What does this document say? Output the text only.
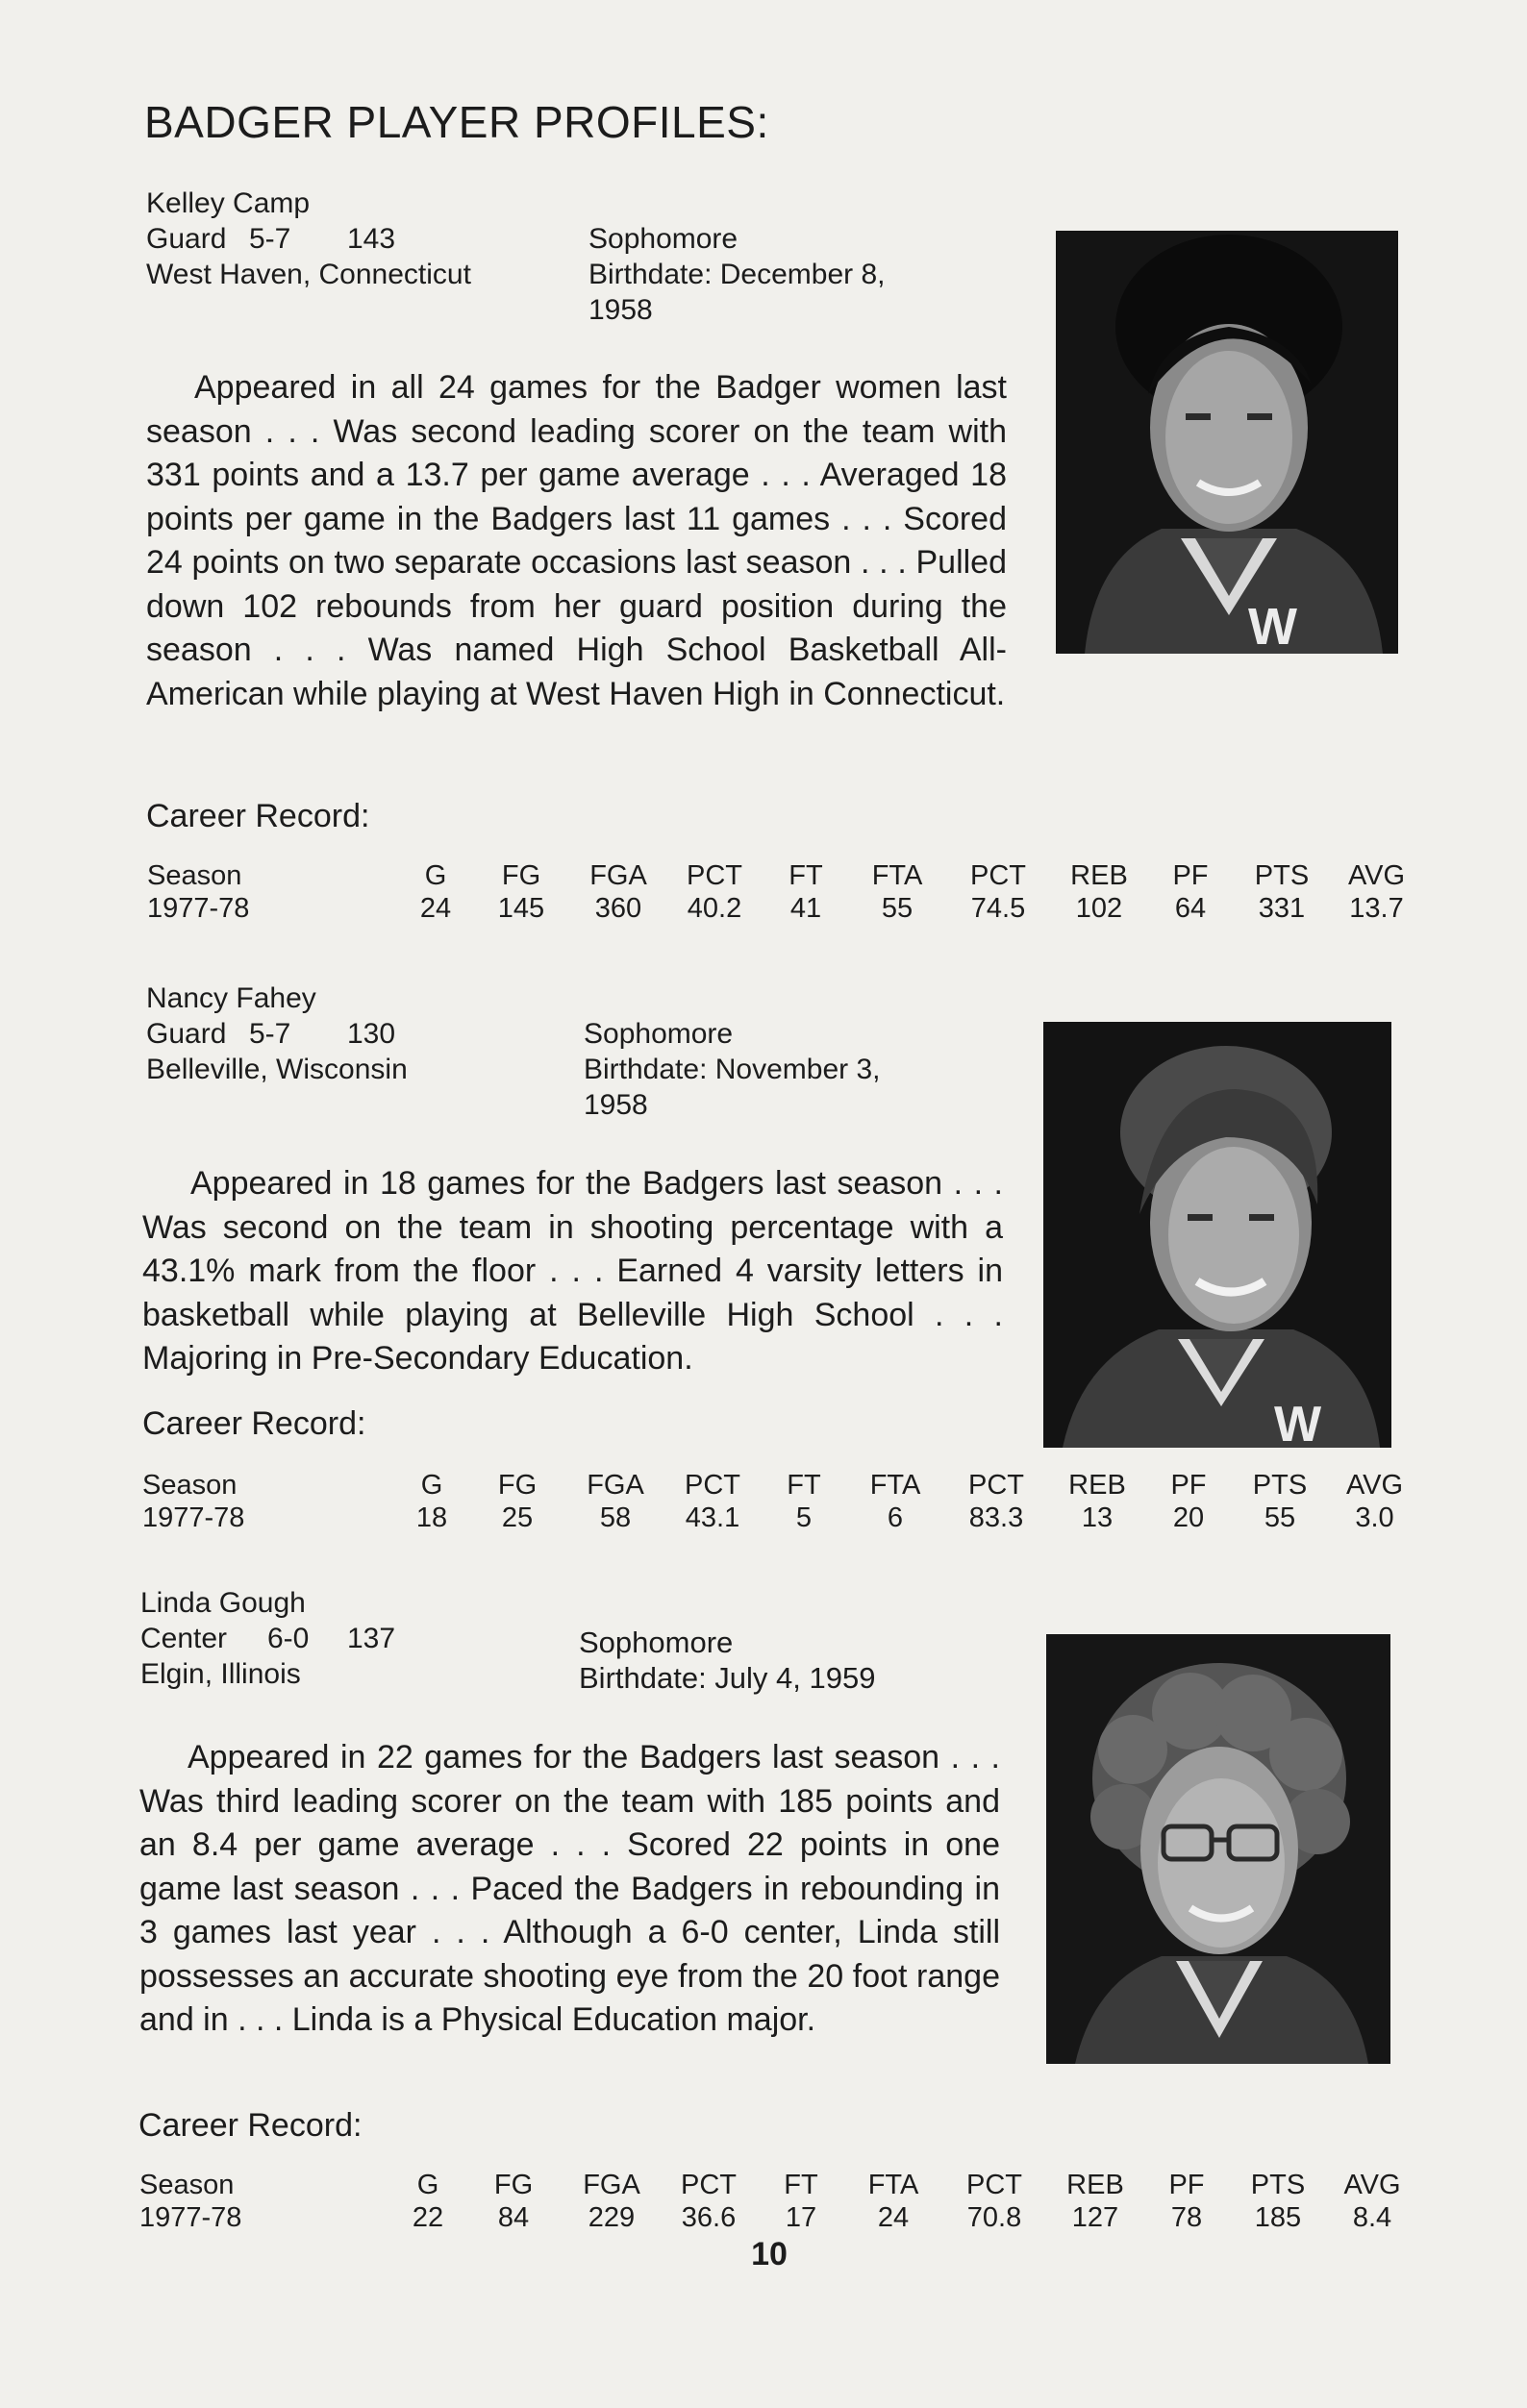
BADGER PLAYER PROFILES:
Kelley Camp
Guard 5-7 143
West Haven, Connecticut
Sophomore
Birthdate: December 8,
1958

Appeared in all 24 games for the Badger women last season . . . Was second leading scorer on the team with 331 points and a 13.7 per game average . . . Averaged 18 points per game in the Badgers last 11 games . . . Scored 24 points on two separate occasions last season . . . Pulled down 102 rebounds from her guard position during the season . . . Was named High School Basketball All-American while playing at West Haven High in Connecticut.

Career Record:
Season	G	FG	FGA	PCT	FT	FTA	PCT	REB	PF	PTS	AVG
1977-78	24	145	360	40.2	41	55	74.5	102	64	331	13.7
W
Nancy Fahey
Guard 5-7 130
Belleville, Wisconsin
Sophomore
Birthdate: November 3,
1958

Appeared in 18 games for the Badgers last season . . . Was second on the team in shooting percentage with a 43.1% mark from the floor . . . Earned 4 varsity letters in basketball while playing at Belleville High School . . . Majoring in Pre-Secondary Education.

Career Record:
Season	G	FG	FGA	PCT	FT	FTA	PCT	REB	PF	PTS	AVG
1977-78	18	25	58	43.1	5	6	83.3	13	20	55	3.0
W
Linda Gough
Center 6-0 137
Elgin, Illinois
Sophomore
Birthdate: July 4, 1959

Appeared in 22 games for the Badgers last season . . . Was third leading scorer on the team with 185 points and an 8.4 per game average . . . Scored 22 points in one game last season . . . Paced the Badgers in rebounding in 3 games last year . . . Although a 6-0 center, Linda still possesses an accurate shooting eye from the 20 foot range and in . . . Linda is a Physical Education major.

Career Record:
Season	G	FG	FGA	PCT	FT	FTA	PCT	REB	PF	PTS	AVG
1977-78	22	84	229	36.6	17	24	70.8	127	78	185	8.4
10
